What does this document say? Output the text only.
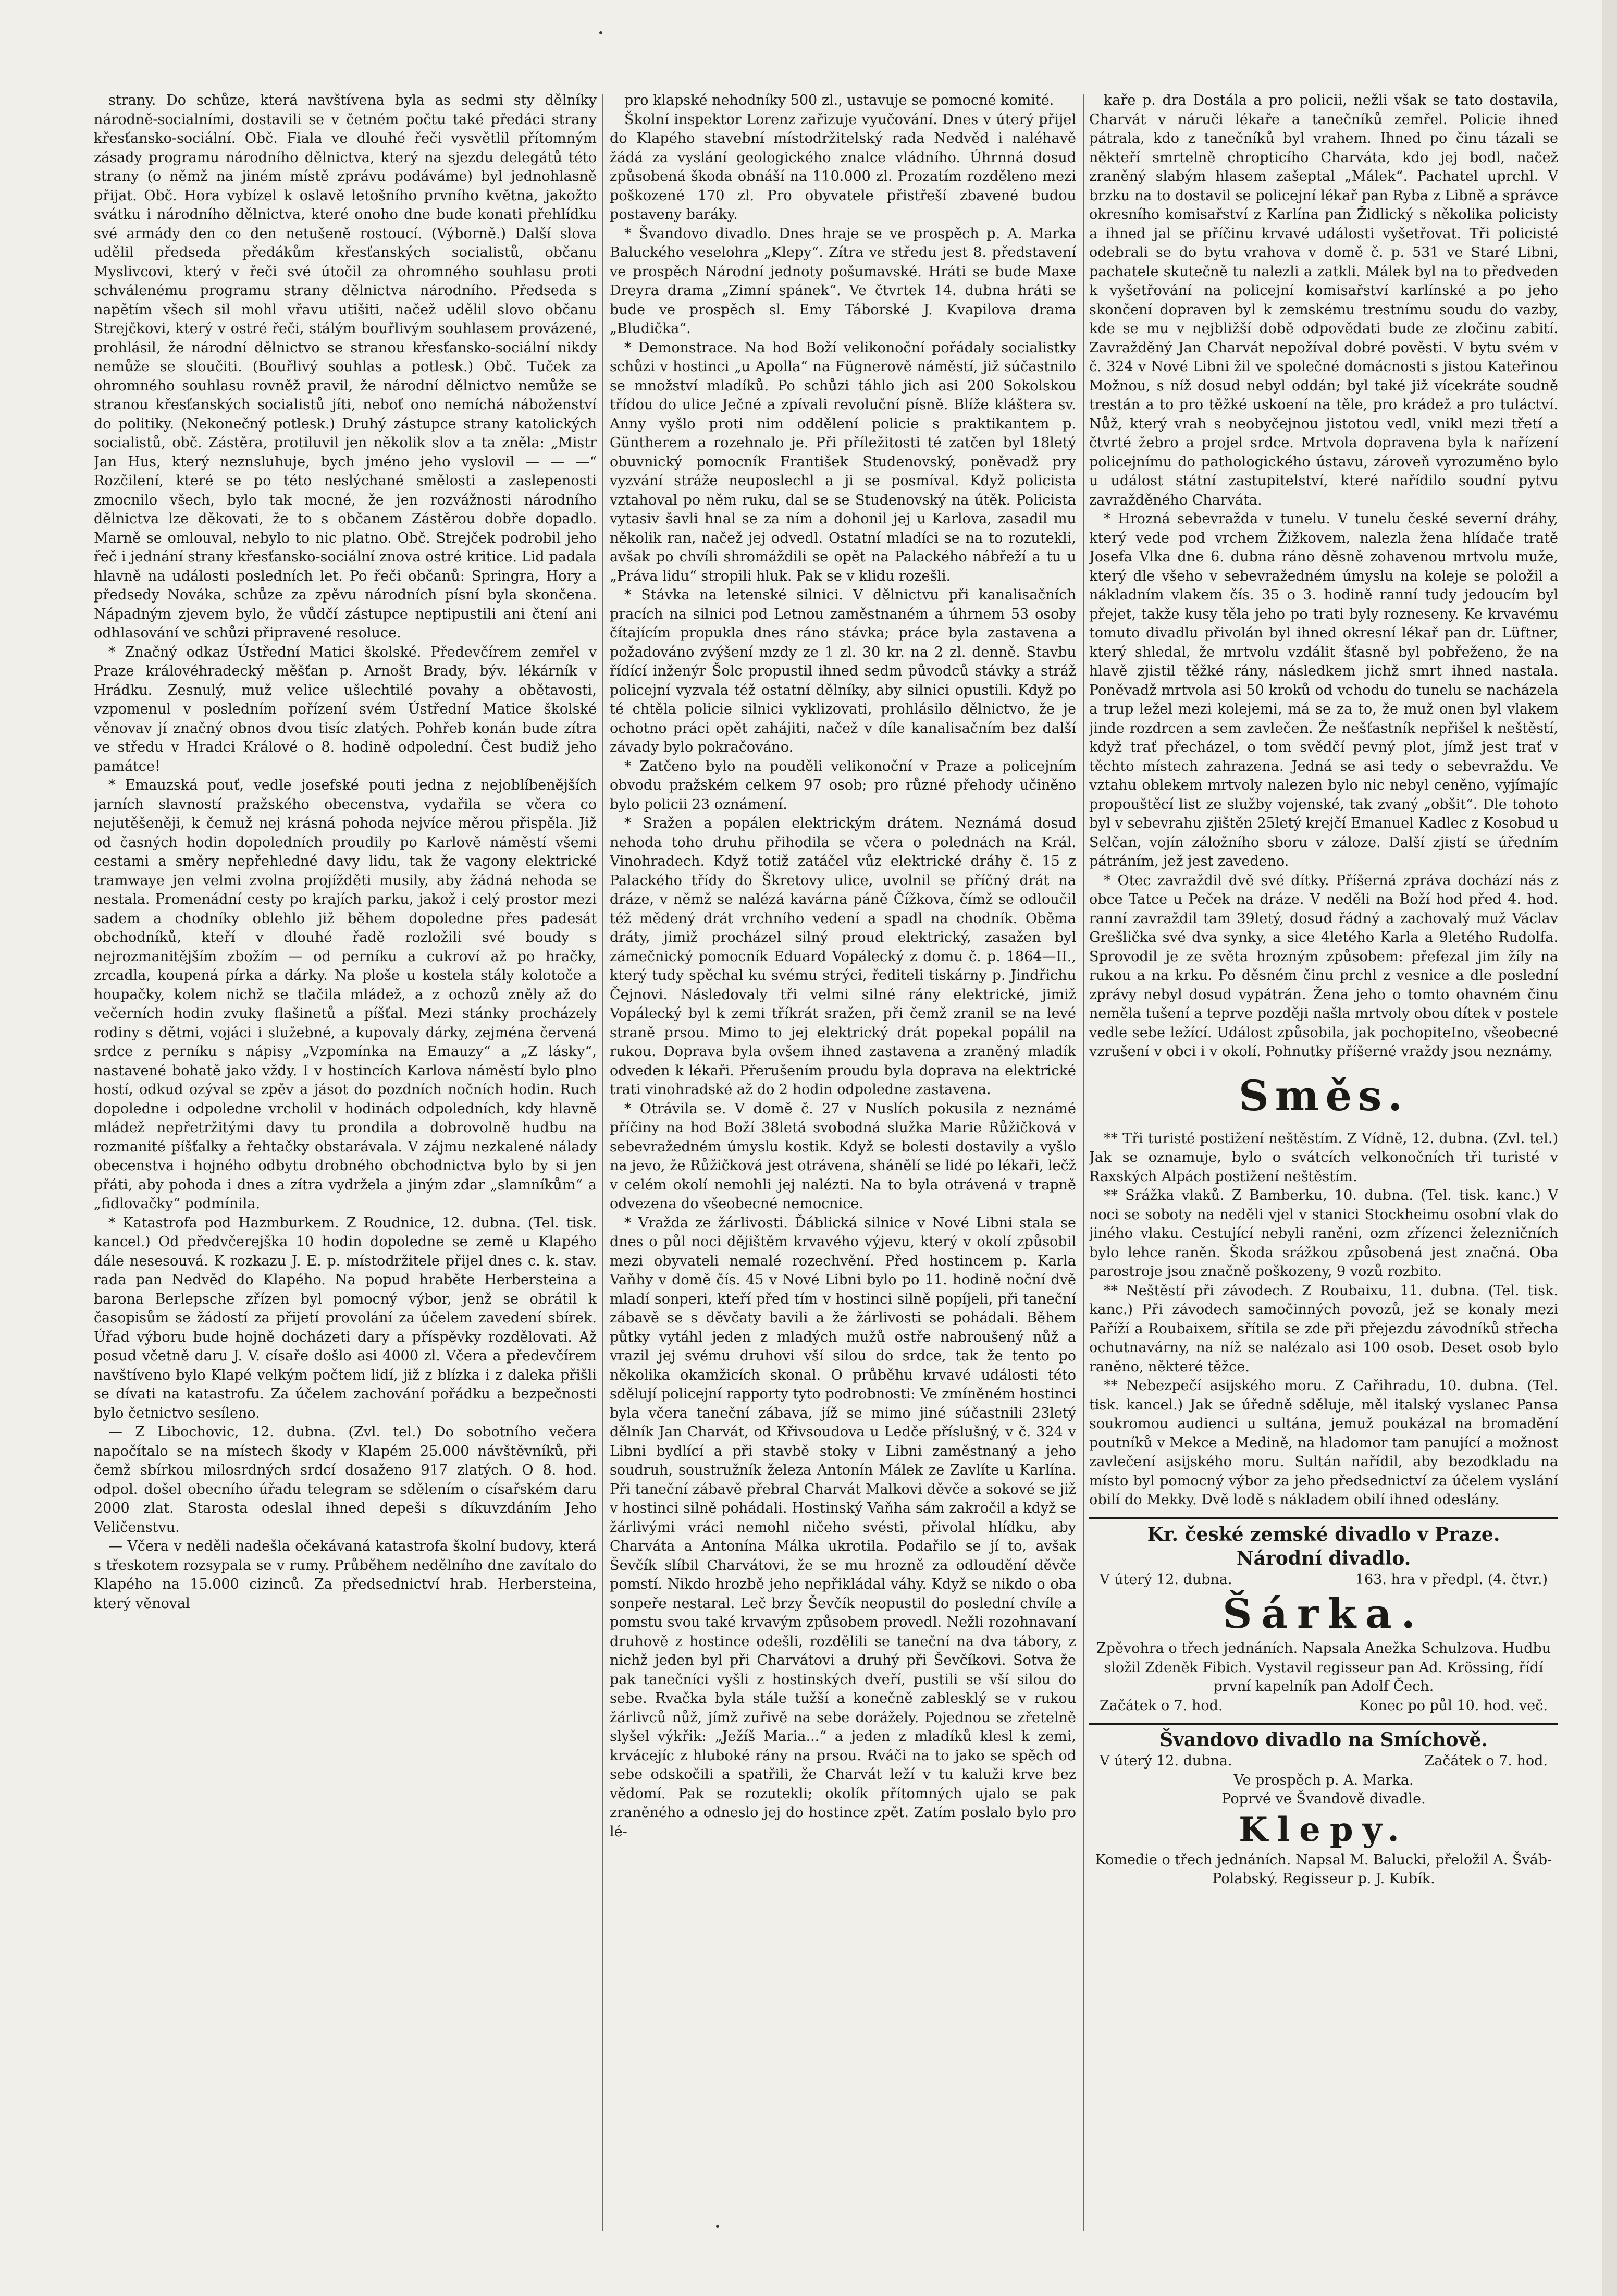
strany. Do schůze, která navštívena byla as sedmi sty dělníky národně-socialními, dostavili se v četném počtu také předáci strany křesťansko-sociální. Obč. Fiala ve dlouhé řeči vysvětlil přítomným zásady programu národního dělnictva, který na sjezdu delegátů této strany (o němž na jiném místě zprávu podáváme) byl jednohlasně přijat. Obč. Hora vybízel k oslavě letošního prvního května, jakožto svátku i národního dělnictva, které onoho dne bude konati přehlídku své armády den co den netušeně rostoucí. (Výborně.) Další slova udělil předseda předákům křesťanských socialistů, občanu Myslivcovi, který v řeči své útočil za ohromného souhlasu proti schválenému programu strany dělnictva národního. Předseda s napětím všech sil mohl vřavu utišiti, načež udělil slovo občanu Strejčkovi, který v ostré řeči, stálým bouřlivým souhlasem provázené, prohlásil, že národní dělnictvo se stranou křesťansko-sociální nikdy nemůže se sloučiti. (Bouřlivý souhlas a potlesk.) Obč. Tuček za ohromného souhlasu rovněž pravil, že národní dělnictvo nemůže se stranou křesťanských socialistů jíti, neboť ono nemíchá náboženství do politiky. (Nekonečný potlesk.) Druhý zástupce strany katolických socialistů, obč. Zástěra, protiluvil jen několik slov a ta zněla: „Mistr Jan Hus, který neznsluhuje, bych jméno jeho vyslovil — — —“ Rozčilení, které se po této neslýchané smělosti a zaslepenosti zmocnilo všech, bylo tak mocné, že jen rozvážnosti národního dělnictva lze děkovati, že to s občanem Zástěrou dobře dopadlo. Marně se omlouval, nebylo to nic platno. Obč. Strejček podrobil jeho řeč i jednání strany křesťansko-sociální znova ostré kritice. Lid padala hlavně na události posledních let. Po řeči občanů: Springra, Hory a předsedy Nováka, schůze za zpěvu národních písní byla skončena. Nápadným zjevem bylo, že vůdčí zástupce neptipustili ani čtení ani odhlasování ve schůzi připravené resoluce.

* Značný odkaz Ústřední Matici školské. Předevčírem zemřel v Praze královéhradecký měšťan p. Arnošt Brady, býv. lékárník v Hrádku. Zesnulý, muž velice ušlechtilé povahy a obětavosti, vzpomenul v posledním pořízení svém Ústřední Matice školské věnovav jí značný obnos dvou tisíc zlatých. Pohřeb konán bude zítra ve středu v Hradci Králové o 8. hodině odpolední. Čest budiž jeho památce!

* Emauzská pouť, vedle josefské pouti jedna z nejoblíbenějších jarních slavností pražského obecenstva, vydařila se včera co nejutěšeněji, k čemuž nej krásná pohoda nejvíce měrou přispěla. Již od časných hodin dopoledních proudily po Karlově náměstí všemi cestami a směry nepřehledné davy lidu, tak že vagony elektrické tramwaye jen velmi zvolna projížděti musily, aby žádná nehoda se nestala. Promenádní cesty po krajích parku, jakož i celý prostor mezi sadem a chodníky oblehlo již během dopoledne přes padesát obchodníků, kteří v dlouhé řadě rozložili své boudy s nejrozmanitějším zbožím — od perníku a cukroví až po hračky, zrcadla, koupená pírka a dárky. Na ploše u kostela stály kolotoče a houpačky, kolem nichž se tlačila mládež, a z ochozů zněly až do večerních hodin zvuky flašinetů a píšťal. Mezi stánky procházely rodiny s dětmi, vojáci i služebné, a kupovaly dárky, zejména červená srdce z perníku s nápisy „Vzpomínka na Emauzy“ a „Z lásky“, nastavené bohatě jako vždy. I v hostincích Karlova náměstí bylo plno hostí, odkud ozýval se zpěv a jásot do pozdních nočních hodin. Ruch dopoledne i odpoledne vrcholil v hodinách odpoledních, kdy hlavně mládež nepřetržitými davy tu prondila a dobrovolně hudbu na rozmanité píšťalky a řehtačky obstarávala. V zájmu nezkalené nálady obecenstva i hojného odbytu drobného obchodnictva bylo by si jen přáti, aby pohoda i dnes a zítra vydržela a jiným zdar „slamníkům“ a „fidlovačky“ podmínila.

* Katastrofa pod Hazmburkem. Z Roudnice, 12. dubna. (Tel. tisk. kancel.) Od předvčerejška 10 hodin dopoledne se země u Klapého dále nesesouvá. K rozkazu J. E. p. místodržitele přijel dnes c. k. stav. rada pan Nedvěd do Klapého. Na popud hraběte Herbersteina a barona Berlepsche zřízen byl pomocný výbor, jenž se obrátil k časopisům se žádostí za přijetí provolání za účelem zavedení sbírek. Úřad výboru bude hojně docházeti dary a příspěvky rozdělovati. Až posud včetně daru J. V. císaře došlo asi 4000 zl. Včera a předevčírem navštíveno bylo Klapé velkým počtem lidí, již z blízka i z daleka přišli se dívati na katastrofu. Za účelem zachování pořádku a bezpečnosti bylo četnictvo sesíleno.

— Z Libochovic, 12. dubna. (Zvl. tel.) Do sobotního večera napočítalo se na místech škody v Klapém 25.000 návštěvníků, při čemž sbírkou milosrdných srdcí dosaženo 917 zlatých. O 8. hod. odpol. došel obecního úřadu telegram se sdělením o císařském daru 2000 zlat. Starosta odeslal ihned depeši s díkuvzdáním Jeho Veličenstvu.

— Včera v neděli nadešla očekávaná katastrofa školní budovy, která s třeskotem rozsypala se v rumy. Průběhem nedělního dne zavítalo do Klapého na 15.000 cizinců. Za předsednictví hrab. Herbersteina, který věnoval

pro klapské nehodníky 500 zl., ustavuje se pomocné komité.

Školní inspektor Lorenz zařizuje vyučování. Dnes v úterý přijel do Klapého stavební místodržitelský rada Nedvěd i naléhavě žádá za vyslání geologického znalce vládního. Úhrnná dosud způsobená škoda obnáší na 110.000 zl. Prozatím rozděleno mezi poškozené 170 zl. Pro obyvatele přistřeší zbavené budou postaveny baráky.

* Švandovo divadlo. Dnes hraje se ve prospěch p. A. Marka Baluckého veselohra „Klepy“. Zítra ve středu jest 8. představení ve prospěch Národní jednoty pošumavské. Hráti se bude Maxe Dreyra drama „Zimní spánek“. Ve čtvrtek 14. dubna hráti se bude ve prospěch sl. Emy Táborské J. Kvapilova drama „Bludička“.

* Demonstrace. Na hod Boží velikonoční pořádaly socialistky schůzi v hostinci „u Apolla“ na Fügnerově náměstí, již súčastnilo se množství mladíků. Po schůzi táhlo jich asi 200 Sokolskou třídou do ulice Ječné a zpívali revoluční písně. Blíže kláštera sv. Anny vyšlo proti nim oddělení policie s praktikantem p. Güntherem a rozehnalo je. Při příležitosti té zatčen byl 18letý obuvnický pomocník František Studenovský, poněvadž pry vyzvání stráže neuposlechl a ji se posmíval. Když policista vztahoval po něm ruku, dal se se Studenovský na útěk. Policista vytasiv šavli hnal se za ním a dohonil jej u Karlova, zasadil mu několik ran, načež jej odvedl. Ostatní mladíci se na to rozutekli, avšak po chvíli shromáždili se opět na Palackého nábřeží a tu u „Práva lidu“ stropili hluk. Pak se v klidu rozešli.

* Stávka na letenské silnici. V dělnictvu při kanalisačních pracích na silnici pod Letnou zaměstnaném a úhrnem 53 osoby čítajícím propukla dnes ráno stávka; práce byla zastavena a požadováno zvýšení mzdy ze 1 zl. 30 kr. na 2 zl. denně. Stavbu řídící inženýr Šolc propustil ihned sedm původců stávky a stráž policejní vyzvala též ostatní dělníky, aby silnici opustili. Když po té chtěla policie silnici vyklizovati, prohlásilo dělnictvo, že je ochotno práci opět zahájiti, načež v díle kanalisačním bez další závady bylo pokračováno.

* Zatčeno bylo na pouděli velikonoční v Praze a policejním obvodu pražském celkem 97 osob; pro různé přehody učiněno bylo policii 23 oznámení.

* Sražen a popálen elektrickým drátem. Neznámá dosud nehoda toho druhu přihodila se včera o polednách na Král. Vinohradech. Když totiž zatáčel vůz elektrické dráhy č. 15 z Palackého třídy do Škretovy ulice, uvolnil se příčný drát na dráze, v němž se nalézá kavárna páně Čížkova, čímž se odloučil též mědený drát vrchního vedení a spadl na chodník. Oběma dráty, jimiž procházel silný proud elektrický, zasažen byl zámečnický pomocník Eduard Vopálecký z domu č. p. 1864—II., který tudy spěchal ku svému strýci, řediteli tiskárny p. Jindřichu Čejnovi. Následovaly tři velmi silné rány elektrické, jimiž Vopálecký byl k zemi tříkrát sražen, při čemž zranil se na levé straně prsou. Mimo to jej elektrický drát popekal popálil na rukou. Doprava byla ovšem ihned zastavena a zraněný mladík odveden k lékaři. Přerušením proudu byla doprava na elektrické trati vinohradské až do 2 hodin odpoledne zastavena.

* Otrávila se. V domě č. 27 v Nuslích pokusila z neznámé příčiny na hod Boží 38letá svobodná služka Marie Růžičková v sebevražedném úmyslu kostik. Když se bolesti dostavily a vyšlo na jevo, že Růžičková jest otrávena, shánělí se lidé po lékaři, lečž v celém okolí nemohli jej nalézti. Na to byla otrávená v trapně odvezena do všeobecné nemocnice.

* Vražda ze žárlivosti. Ďáblická silnice v Nové Libni stala se dnes o půl noci dějištěm krvavého výjevu, který v okolí způsobil mezi obyvateli nemalé rozechvění. Před hostincem p. Karla Vaňhy v domě čís. 45 v Nové Libni bylo po 11. hodině noční dvě mladí sonperi, kteří před tím v hostinci silně popíjeli, při taneční zábavě se s děvčaty bavili a že žárlivosti se pohádali. Během půtky vytáhl jeden z mladých mužů ostře nabroušený nůž a vrazil jej svému druhovi vší silou do srdce, tak že tento po několika okamžicích skonal. O průběhu krvavé události této sdělují policejní rapporty tyto podrobnosti: Ve zmíněném hostinci byla včera taneční zábava, jíž se mimo jiné súčastnili 23letý dělník Jan Charvát, od Křivsoudova u Ledče příslušný, v č. 324 v Libni bydlící a při stavbě stoky v Libni zaměstnaný a jeho soudruh, soustružník železa Antonín Málek ze Zavlíte u Karlína. Při taneční zábavě přebral Charvát Malkovi děvče a sokové se již v hostinci silně pohádali. Hostinský Vaňha sám zakročil a když se žárlivými vráci nemohl ničeho svésti, přivolal hlídku, aby Charváta a Antonína Málka ukrotila. Podařilo se jí to, avšak Ševčík slíbil Charvátovi, že se mu hrozně za odloudění děvče pomstí. Nikdo hrozbě jeho nepřikládal váhy. Když se nikdo o oba sonpeře nestaral. Leč brzy Ševčík neopustil do poslední chvíle a pomstu svou také krvavým způsobem provedl. Nežli rozohnavaní druhově z hostince odešli, rozdělili se taneční na dva tábory, z nichž jeden byl při Charvátovi a druhý při Ševčíkovi. Sotva že pak tanečníci vyšli z hostinských dveří, pustili se vší silou do sebe. Rvačka byla stále tužší a konečně zablesklý se v rukou žárlivců nůž, jímž zuřivě na sebe dorážely. Pojednou se zřetelně slyšel výkřik: „Ježíš Maria...“ a jeden z mladíků klesl k zemi, krvácejíc z hluboké rány na prsou. Rváči na to jako se spěch od sebe odskočili a spatřili, že Charvát leží v tu kaluži krve bez vědomí. Pak se rozutekli; okolík přítomných ujalo se pak zraněného a odneslo jej do hostince zpět. Zatím poslalo bylo pro lé-

kaře p. dra Dostála a pro policii, nežli však se tato dostavila, Charvát v náruči lékaře a tanečníků zemřel. Policie ihned pátrala, kdo z tanečníků byl vrahem. Ihned po činu tázali se někteří smrtelně chropticího Charváta, kdo jej bodl, načež zraněný slabým hlasem zašeptal „Málek“. Pachatel uprchl. V brzku na to dostavil se policejní lékař pan Ryba z Libně a správce okresního komisařství z Karlína pan Židlický s několika policisty a ihned jal se příčinu krvavé události vyšetřovat. Tři policisté odebrali se do bytu vrahova v domě č. p. 531 ve Staré Libni, pachatele skutečně tu nalezli a zatkli. Málek byl na to předveden k vyšetřování na policejní komisařství karlínské a po jeho skončení dopraven byl k zemskému trestnímu soudu do vazby, kde se mu v nejbližší době odpovědati bude ze zločinu zabití. Zavražděný Jan Charvát nepožíval dobré pověsti. V bytu svém v č. 324 v Nové Libni žil ve společné domácnosti s jistou Kateřinou Možnou, s níž dosud nebyl oddán; byl také již vícekráte soudně trestán a to pro těžké uskoení na těle, pro krádež a pro tuláctví. Nůž, který vrah s neobyčejnou jistotou vedl, vnikl mezi třetí a čtvrté žebro a projel srdce. Mrtvola dopravena byla k nařízení policejnímu do pathologického ústavu, zároveň vyrozuměno bylo u událost státní zastupitelství, které nařídilo soudní pytvu zavražděného Charváta.

* Hrozná sebevražda v tunelu. V tunelu české severní dráhy, který vede pod vrchem Žižkovem, nalezla žena hlídače tratě Josefa Vlka dne 6. dubna ráno děsně zohavenou mrtvolu muže, který dle všeho v sebevražedném úmyslu na koleje se položil a nákladním vlakem čís. 35 o 3. hodině ranní tudy jedoucím byl přejet, takže kusy těla jeho po trati byly rozneseny. Ke krvavému tomuto divadlu přivolán byl ihned okresní lékař pan dr. Lüftner, který shledal, že mrtvolu vzdálit šťasně byl pobřeženo, že na hlavě zjistil těžké rány, následkem jichž smrt ihned nastala. Poněvadž mrtvola asi 50 kroků od vchodu do tunelu se nacházela a trup ležel mezi kolejemi, má se za to, že muž onen byl vlakem jinde rozdrcen a sem zavlečen. Že nešťastník nepřišel k neštěstí, když trať přecházel, o tom svědčí pevný plot, jímž jest trať v těchto místech zahrazena. Jedná se asi tedy o sebevraždu. Ve vztahu oblekem mrtvoly nalezen bylo nic nebyl ceněno, vyjímajíc propouštěcí list ze služby vojenské, tak zvaný „obšit“. Dle tohoto byl v sebevrahu zjištěn 25letý krejčí Emanuel Kadlec z Kosobud u Selčan, vojín záložního sboru v záloze. Další zjistí se úředním pátráním, jež jest zavedeno.

* Otec zavraždil dvě své dítky. Příšerná zpráva dochází nás z obce Tatce u Peček na dráze. V neděli na Boží hod před 4. hod. ranní zavraždil tam 39letý, dosud řádný a zachovalý muž Václav Grešlička své dva synky, a sice 4letého Karla a 9letého Rudolfa. Sprovodil je ze světa hrozným způsobem: přefezal jim žíly na rukou a na krku. Po děsném činu prchl z vesnice a dle poslední zprávy nebyl dosud vypátrán. Žena jeho o tomto ohavném činu neměla tušení a teprve později našla mrtvoly obou dítek v postele vedle sebe ležící. Událost způsobila, jak pochopiteIno, všeobecné vzrušení v obci i v okolí. Pohnutky příšerné vraždy jsou neznámy.

Směs.

** Tři turisté postižení neštěstím. Z Vídně, 12. dubna. (Zvl. tel.) Jak se oznamuje, bylo o svátcích velkonočních tři turisté v Raxských Alpách postižení neštěstím.

** Srážka vlaků. Z Bamberku, 10. dubna. (Tel. tisk. kanc.) V noci se soboty na neděli vjel v stanici Stockheimu osobní vlak do jiného vlaku. Cestující nebyli raněni, ozm zřízenci železničních bylo lehce raněn. Škoda srážkou způsobená jest značná. Oba parostroje jsou značně poškozeny, 9 vozů rozbito.

** Neštěstí při závodech. Z Roubaixu, 11. dubna. (Tel. tisk. kanc.) Při závodech samočinných povozů, jež se konaly mezi Paříží a Roubaixem, sřítila se zde při přejezdu závodníků střecha ochutnavárny, na níž se nalézalo asi 100 osob. Deset osob bylo raněno, některé těžce.

** Nebezpečí asijského moru. Z Cařihradu, 10. dubna. (Tel. tisk. kancel.) Jak se úředně sděluje, měl italský vyslanec Pansa soukromou audienci u sultána, jemuž poukázal na bromadění poutníků v Mekce a Medině, na hladomor tam panující a možnost zavlečení asijského moru. Sultán nařídil, aby bezodkladu na místo byl pomocný výbor za jeho předsednictví za účelem vyslání obilí do Mekky. Dvě lodě s nákladem obilí ihned odeslány.

Kr. české zemské divadlo v Praze.
Národní divadlo.
V úterý 12. dubna.	163. hra v předpl. (4. čtvr.)
Šárka.
Zpěvohra o třech jednáních. Napsala Anežka Schulzova. Hudbu složil Zdeněk Fibich. Vystavil regisseur pan Ad. Krössing, řídí první kapelník pan Adolf Čech.
Začátek o 7. hod.	Konec po půl 10. hod. več.
Švandovo divadlo na Smíchově.
V úterý 12. dubna.	Začátek o 7. hod.
Ve prospěch p. A. Marka.
Poprvé ve Švandově divadle.
Klepy.
Komedie o třech jednáních. Napsal M. Balucki, přeložil A. Šváb-Polabský. Regisseur p. J. Kubík.
